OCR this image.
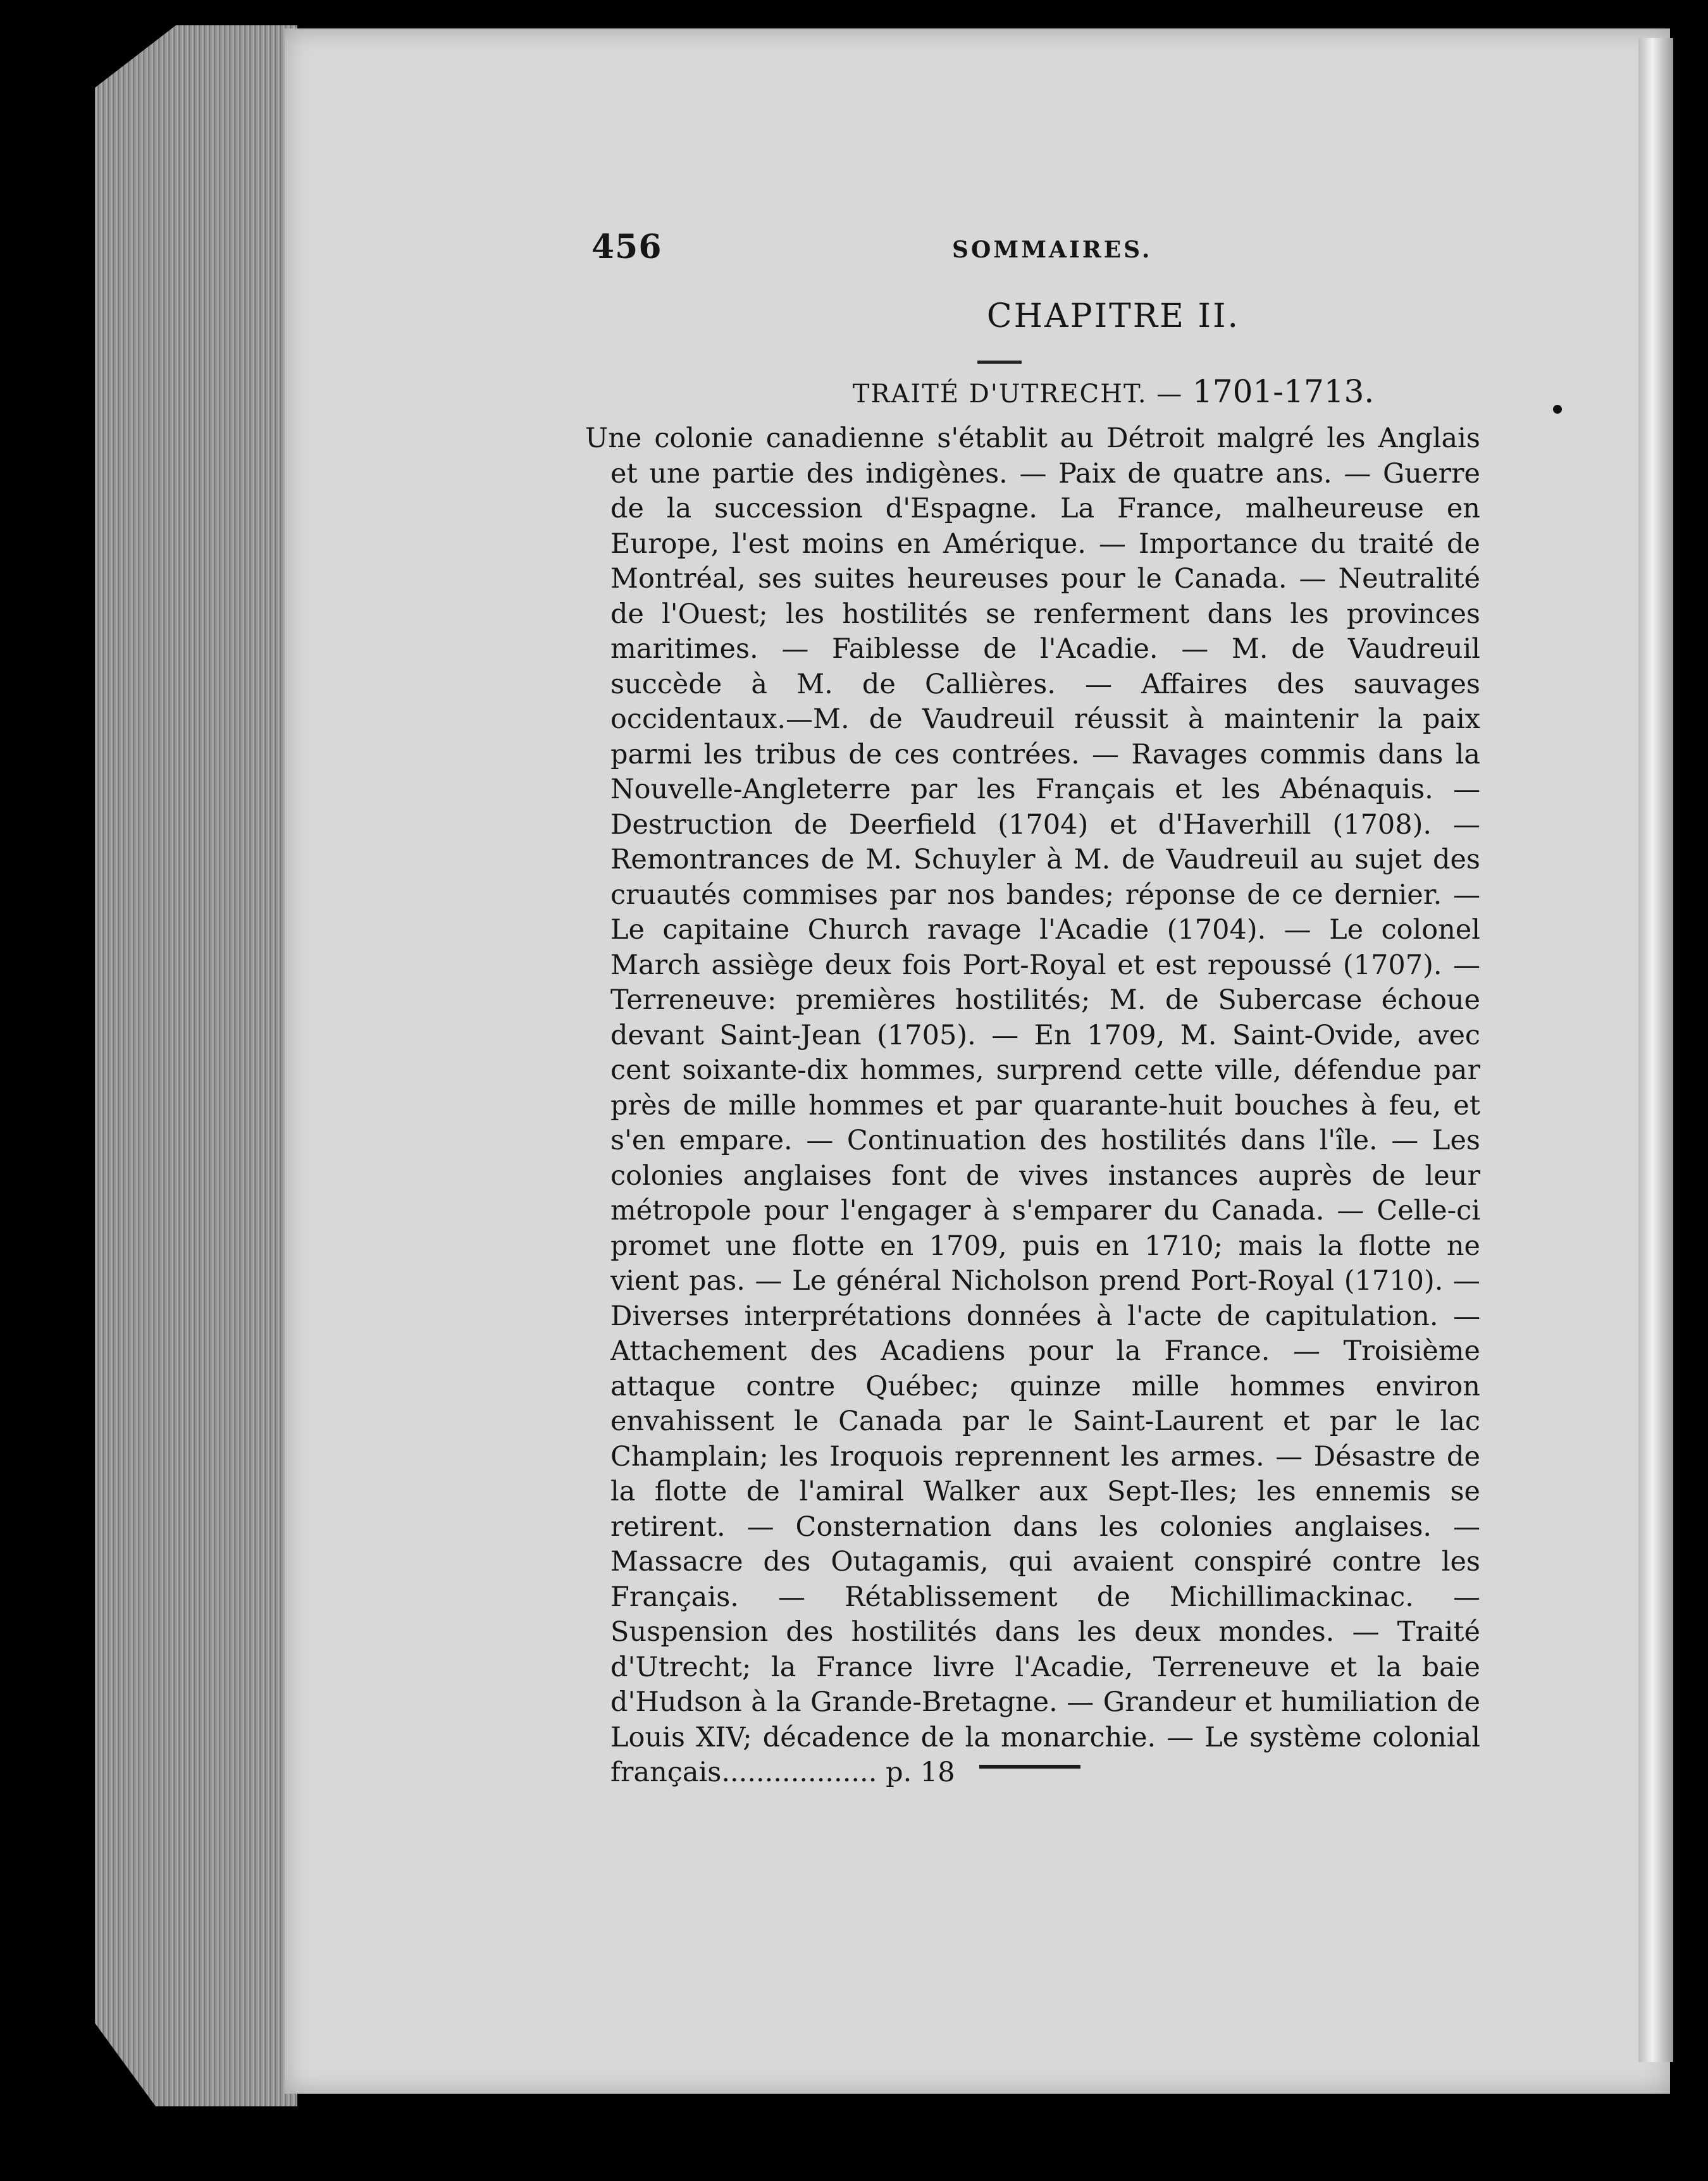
456	SOMMAIRES.
CHAPITRE II.
TRAITÉ D'UTRECHT. — 1701-1713.

Une colonie canadienne s'établit au Détroit malgré les Anglais et une partie des indigènes. — Paix de quatre ans. — Guerre de la succession d'Espagne. La France, malheureuse en Europe, l'est moins en Amérique. — Importance du traité de Montréal, ses suites heureuses pour le Canada. — Neutralité de l'Ouest; les hostilités se renferment dans les provinces maritimes. — Faiblesse de l'Acadie. — M. de Vaudreuil succède à M. de Callières. — Affaires des sauvages occidentaux.—M. de Vaudreuil réussit à maintenir la paix parmi les tribus de ces contrées. — Ravages commis dans la Nouvelle-Angleterre par les Français et les Abénaquis. — Destruction de Deerfield (1704) et d'Haverhill (1708). — Remontrances de M. Schuyler à M. de Vaudreuil au sujet des cruautés commises par nos bandes; réponse de ce dernier. — Le capitaine Church ravage l'Acadie (1704). — Le colonel March assiège deux fois Port-Royal et est repoussé (1707). — Terreneuve: premières hostilités; M. de Subercase échoue devant Saint-Jean (1705). — En 1709, M. Saint-Ovide, avec cent soixante-dix hommes, surprend cette ville, défendue par près de mille hommes et par quarante-huit bouches à feu, et s'en empare. — Continuation des hostilités dans l'île. — Les colonies anglaises font de vives instances auprès de leur métropole pour l'engager à s'emparer du Canada. — Celle-ci promet une flotte en 1709, puis en 1710; mais la flotte ne vient pas. — Le général Nicholson prend Port-Royal (1710). — Diverses interprétations données à l'acte de capitulation. — Attachement des Acadiens pour la France. — Troisième attaque contre Québec; quinze mille hommes environ envahissent le Canada par le Saint-Laurent et par le lac Champlain; les Iroquois reprennent les armes. — Désastre de la flotte de l'amiral Walker aux Sept-Iles; les ennemis se retirent. — Consternation dans les colonies anglaises. — Massacre des Outagamis, qui avaient conspiré contre les Français. — Rétablissement de Michillimackinac. — Suspension des hostilités dans les deux mondes. — Traité d'Utrecht; la France livre l'Acadie, Terreneuve et la baie d'Hudson à la Grande-Bretagne. — Grandeur et humiliation de Louis XIV; décadence de la monarchie. — Le système colonial français.................. p. 18
